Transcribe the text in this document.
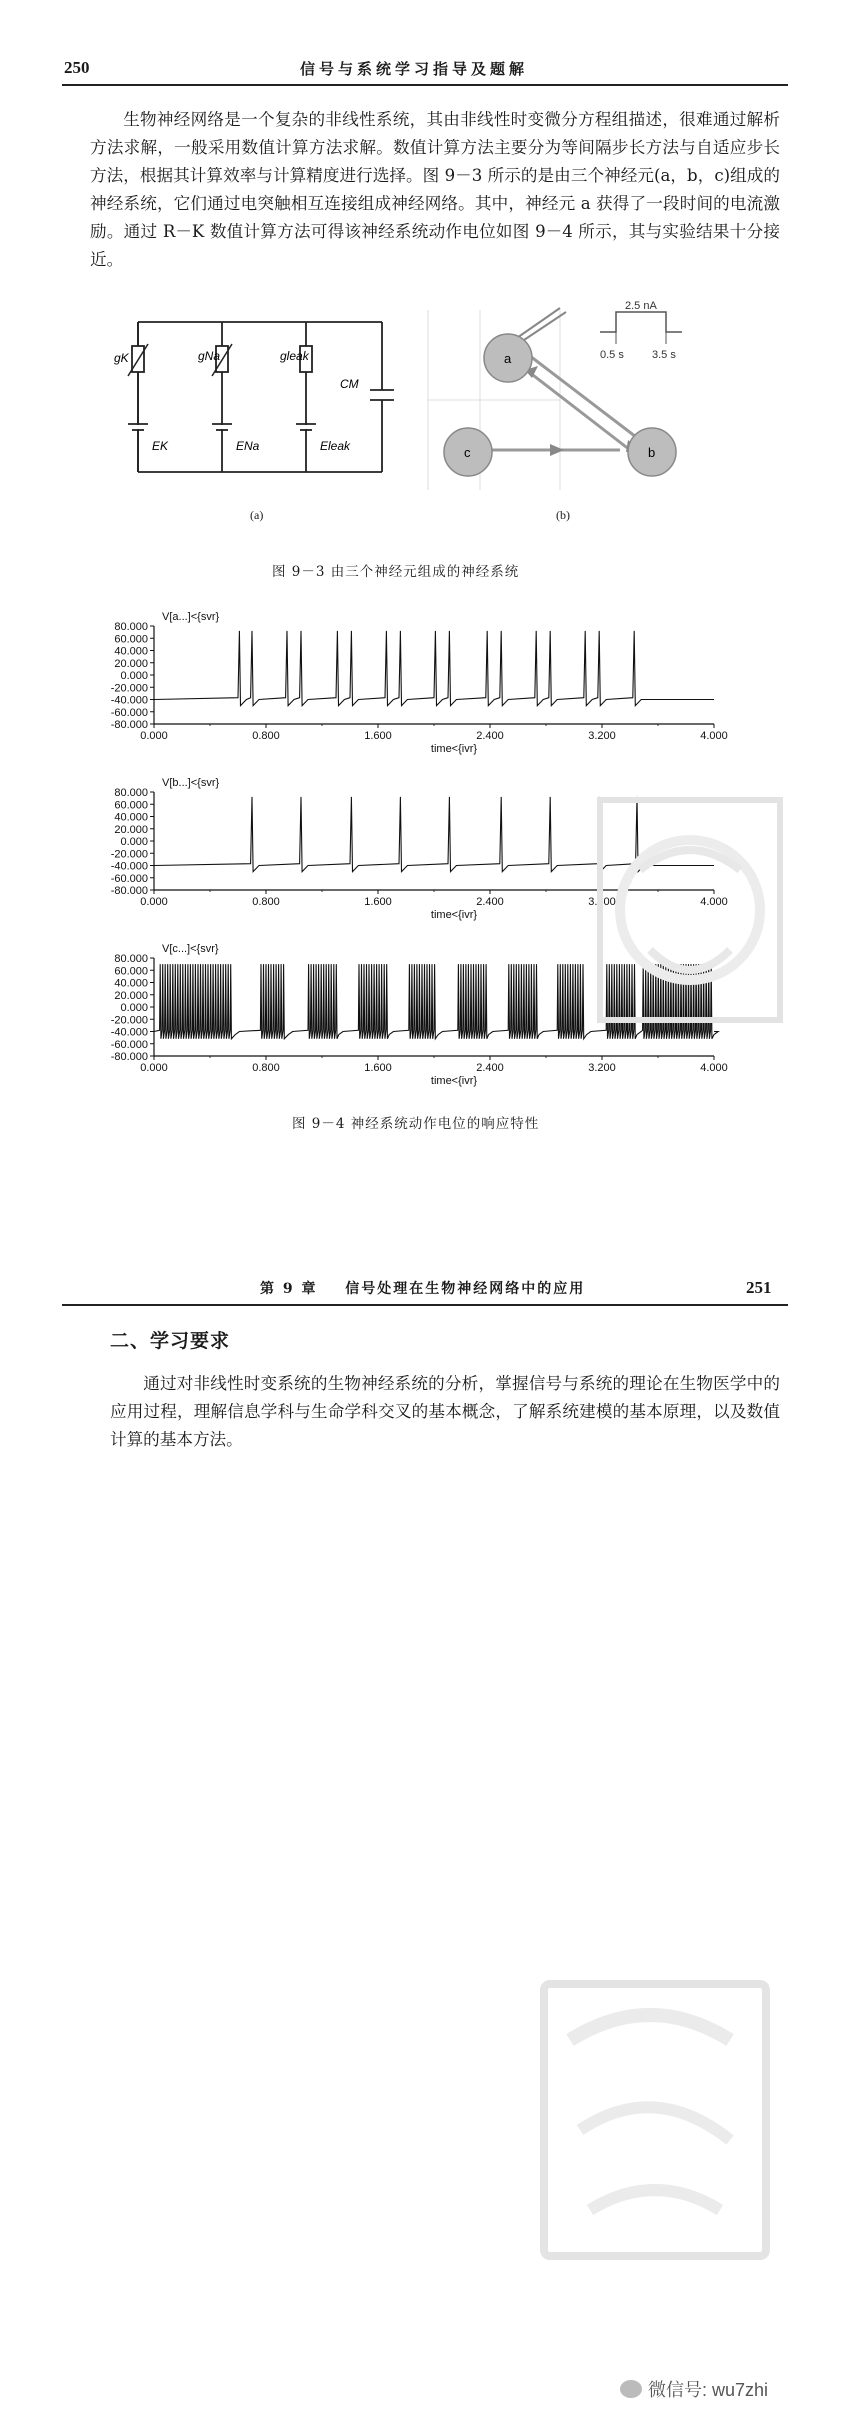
250	信号与系统学习指导及题解
生物神经网络是一个复杂的非线性系统，其由非线性时变微分方程组描述，很难通过解析方法求解，一般采用数值计算方法求解。数值计算方法主要分为等间隔步长方法与自适应步长方法，根据其计算效率与计算精度进行选择。图 9－3 所示的是由三个神经元(a，b，c)组成的神经系统，它们通过电突触相互连接组成神经网络。其中，神经元 a 获得了一段时间的电流激励。通过 R－K 数值计算方法可得该神经系统动作电位如图 9－4 所示，其与实验结果十分接近。
gK	gNa	gleak
CM
EK	ENa	Eleak
(a)
a
b
c
2.5 nA
0.5 s	3.5 s
(b)
图 9－3 由三个神经元组成的神经系统
V[a...]<{svr}
80.000
60.000
40.000
20.000
0.000
-20.000
-40.000
-60.000
-80.000
0.000	0.800	1.600	2.400	3.200	4.000
time<{ivr}
V[b...]<{svr}
80.000
60.000
40.000
20.000
0.000
-20.000
-40.000
-60.000
-80.000
0.000	0.800	1.600	2.400	3.200	4.000
time<{ivr}
V[c...]<{svr}
80.000
60.000
40.000
20.000
0.000
-20.000
-40.000
-60.000
-80.000
0.000	0.800	1.600	2.400	3.200	4.000
time<{ivr}
图 9－4 神经系统动作电位的响应特性
第 9 章 信号处理在生物神经网络中的应用	251
二、学习要求
通过对非线性时变系统的生物神经系统的分析，掌握信号与系统的理论在生物医学中的应用过程，理解信息学科与生命学科交叉的基本概念，了解系统建模的基本原理，以及数值计算的基本方法。
微信号: wu7zhi
